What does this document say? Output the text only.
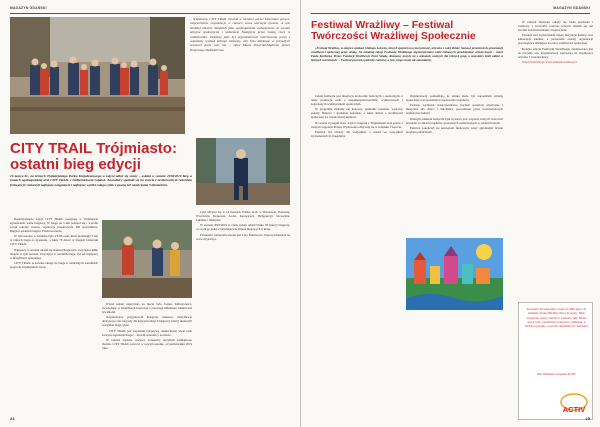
MAGAZYN GDAŃSKI
– Wspieramy CITY TRAIL chociaż w mroźnej aurze! Doceniam gorące, nieprzeciętnie organizacje w ramach coraz szerszym gronem. A tym bardziej obecnie młodzieży jako ogólnopolskim wydarzeniem, ze swoimi pełnymi społecznymi i widzeniem Nadajnym przez świętą rzecz w codzienności. Dziękuję jako był organizatorowi niezrównaną pracę i wspaniały wysiłek którego niesiemy, aby było dziękując w przyszłych sezonach przez cały rok. – mówi Marta Pokorska-Mądroła, prezes Krajowego Nadleśnictwa.
CITY TRAIL Trójmiasto: ostatni bieg edycji
16 marca br., na leśnych Trójmiejskiego Parku Krajobrazowego w Gdyni odbył się szósty – ostatni w sezonie 2018/2019 bieg w ramach ogólnopolskiej serii CITY TRAIL z Nadleśnictwem Gdańsk. Zawodnicy spotkali się na starcie z zeszłorocznym rekordem frekwencji i zobaczyli najlepsze osiągnięcia i najlepsze wyniki całego cyklu z pewną ich ukończenia 5 kilometrów.

Rozstrzygnięcie edycji CITY TRAIL rozegrane w Trójmieście zgromadziło wielu biegaczy. W biegu na 5 km pokazał się i wyrobił swoje rekordy czasów, rejestracja przekroczyła 300 uczestników. Biegacz ostatnich biegów Polski ku mecie.

W tym sezonie w Gdańsku było ich 86 osób, które przebiegły 5 km w ramach biegu na dystansie, a także 78 dzieci w biegach Dzieciaki CITY TRAIL.

Najlepszy w sezonie okazał się Andrzej Rogiewicz, zwycięzca kilku biegów w tym sezonie. Zwyciężył w ostatnim biegu, był też najlepszy w klasyfikacji generalnej.

CITY TRAIL to świetna okazja do biegu w naturalnych warunkach przyrody trójmiejskich lasów.

Wśród kobiet najszybsza na mecie była Joanna Kimontowicz, zwyciężając w klasyfikacji końcowej z przewagą kilkunastu sekund nad rywalkami.

Organizatorzy przygotowali kategorie wiekowe, klasyfikacje drużynowe oraz nagrody dla najwytrwalszych biegaczy, którzy ukończyli wszystkie biegi cyklu.

– CITY TRAIL jest wspaniałą inicjatywą, dzięki której wiele osób zaczyna regularnie biegać – mówili uczestnicy na mecie.

W ramach zapisów wszyscy uczestnicy otrzymali pamiątkowe medale. CITY TRAIL powróci w nowym sezonie, od października 2019 roku.

Cykl odbywa się w 12 miastach Polski, m.in. w Warszawie, Poznaniu, Wrocławiu, Krakowie, Łodzi, Katowicach, Bydgoszczy, Szczecinie, Lublinie i Olsztynie.

W sezonie 2018/2019 w cyklu wzięło udział blisko 30 tysięcy biegaczy, co czyni go jedną z największych imprez biegowych w kraju.

Patronem i partnerem sezonu jest Lasy Państwowe. Więcej informacji na www.citytrail.pl.

24
MAGAZYN GDAŃSKI
Festiwal Wrażliwy – Festiwal Twórczości Wrażliwej Społecznie

„Festiwal Wrażliwy, to miejsce spotkań i dialogu twórców, innych spojrzeń na rzeczywistość, artystów z całej Polski. Stanowi przestrzeń do prezentacji wrażliwości społecznej przez sztukę. Na ostatniej edycji Festiwalu Wrażliwego zaprezentowano wiele ciekawych przedsięwzięć artystycznych – mówi Paula Kordecka, Prezes Fundacji Wrażliwych Przez Sztukę. Rozmowy toczyły się o tematach ważnych dla różnych grup, a uczestnicy brali udział w licznych warsztatach. – Festiwal powstał z potrzeby rozmowy o tym, czego często nie zauważamy.

Celem festiwalu jest integracja środowisk twórczych i społecznych, a także promocja osób z niepełnosprawnościami, wykluczonych i zagrożonych wykluczeniem społecznym.

W programie znalazły się koncerty, spektakle teatralne, wystawy, pokazy filmowe i spotkania autorskie, a także debata o wrażliwości społecznej we współczesnej kulturze.

Na scenie wystąpili m.in. artyści związani z Trójmiastem oraz goście z różnych regionów Polski. Wydarzenia odbywały się w Gdańsku i Sopocie.

Festiwal był otwarty dla wszystkich, a udział we wszystkich wydarzeniach był bezpłatny.

Organizatorzy podkreślają, że sztuka może być narzędziem zmiany społecznej oraz sposobem na budowanie wspólnoty.

Podczas wydarzeń przeprowadzono również warsztaty plastyczne i muzyczne dla dzieci i młodzieży, prowadzone przez doświadczonych animatorów kultury.

Ważnym punktem festiwalu była wystawa prac artystów, których twórczość powstała w ramach projektów społecznych realizowanych w ostatnich latach.

Festiwal zakończył się koncertem finałowym, który zgromadził licznie przybyłą publiczność.

W ramach festiwalu odbyły się także spotkania i rozmowy z twórcami, podczas których dzielili się oni swoimi doświadczeniami i inspiracjami.

Patronat nad wydarzeniem objęły instytucje kultury oraz samorządy lokalne, a partnerami zostały organizacje pozarządowe działające na rzecz wrażliwości społecznej.

Kolejna edycja Festiwalu Wrażliwego zaplanowana jest na przyszły rok. Organizatorzy zapraszają do współpracy artystów i wolontariuszy.

Więcej informacji: www.festiwalwrazliwy.pl

Kochani! Powtarzamy nasze do Was apel: ze składów Świąt Wielkiej Nocy życzymy Wam szczęścia, wiary, miłości i radości. Aby Wasze serca były wypełnione pokojem i nadzieją, a Święta upłynęły w gronie najbliższych. Alleluja!
Hela Wikusiak z zespołem ACTIV
ACTIV
25
